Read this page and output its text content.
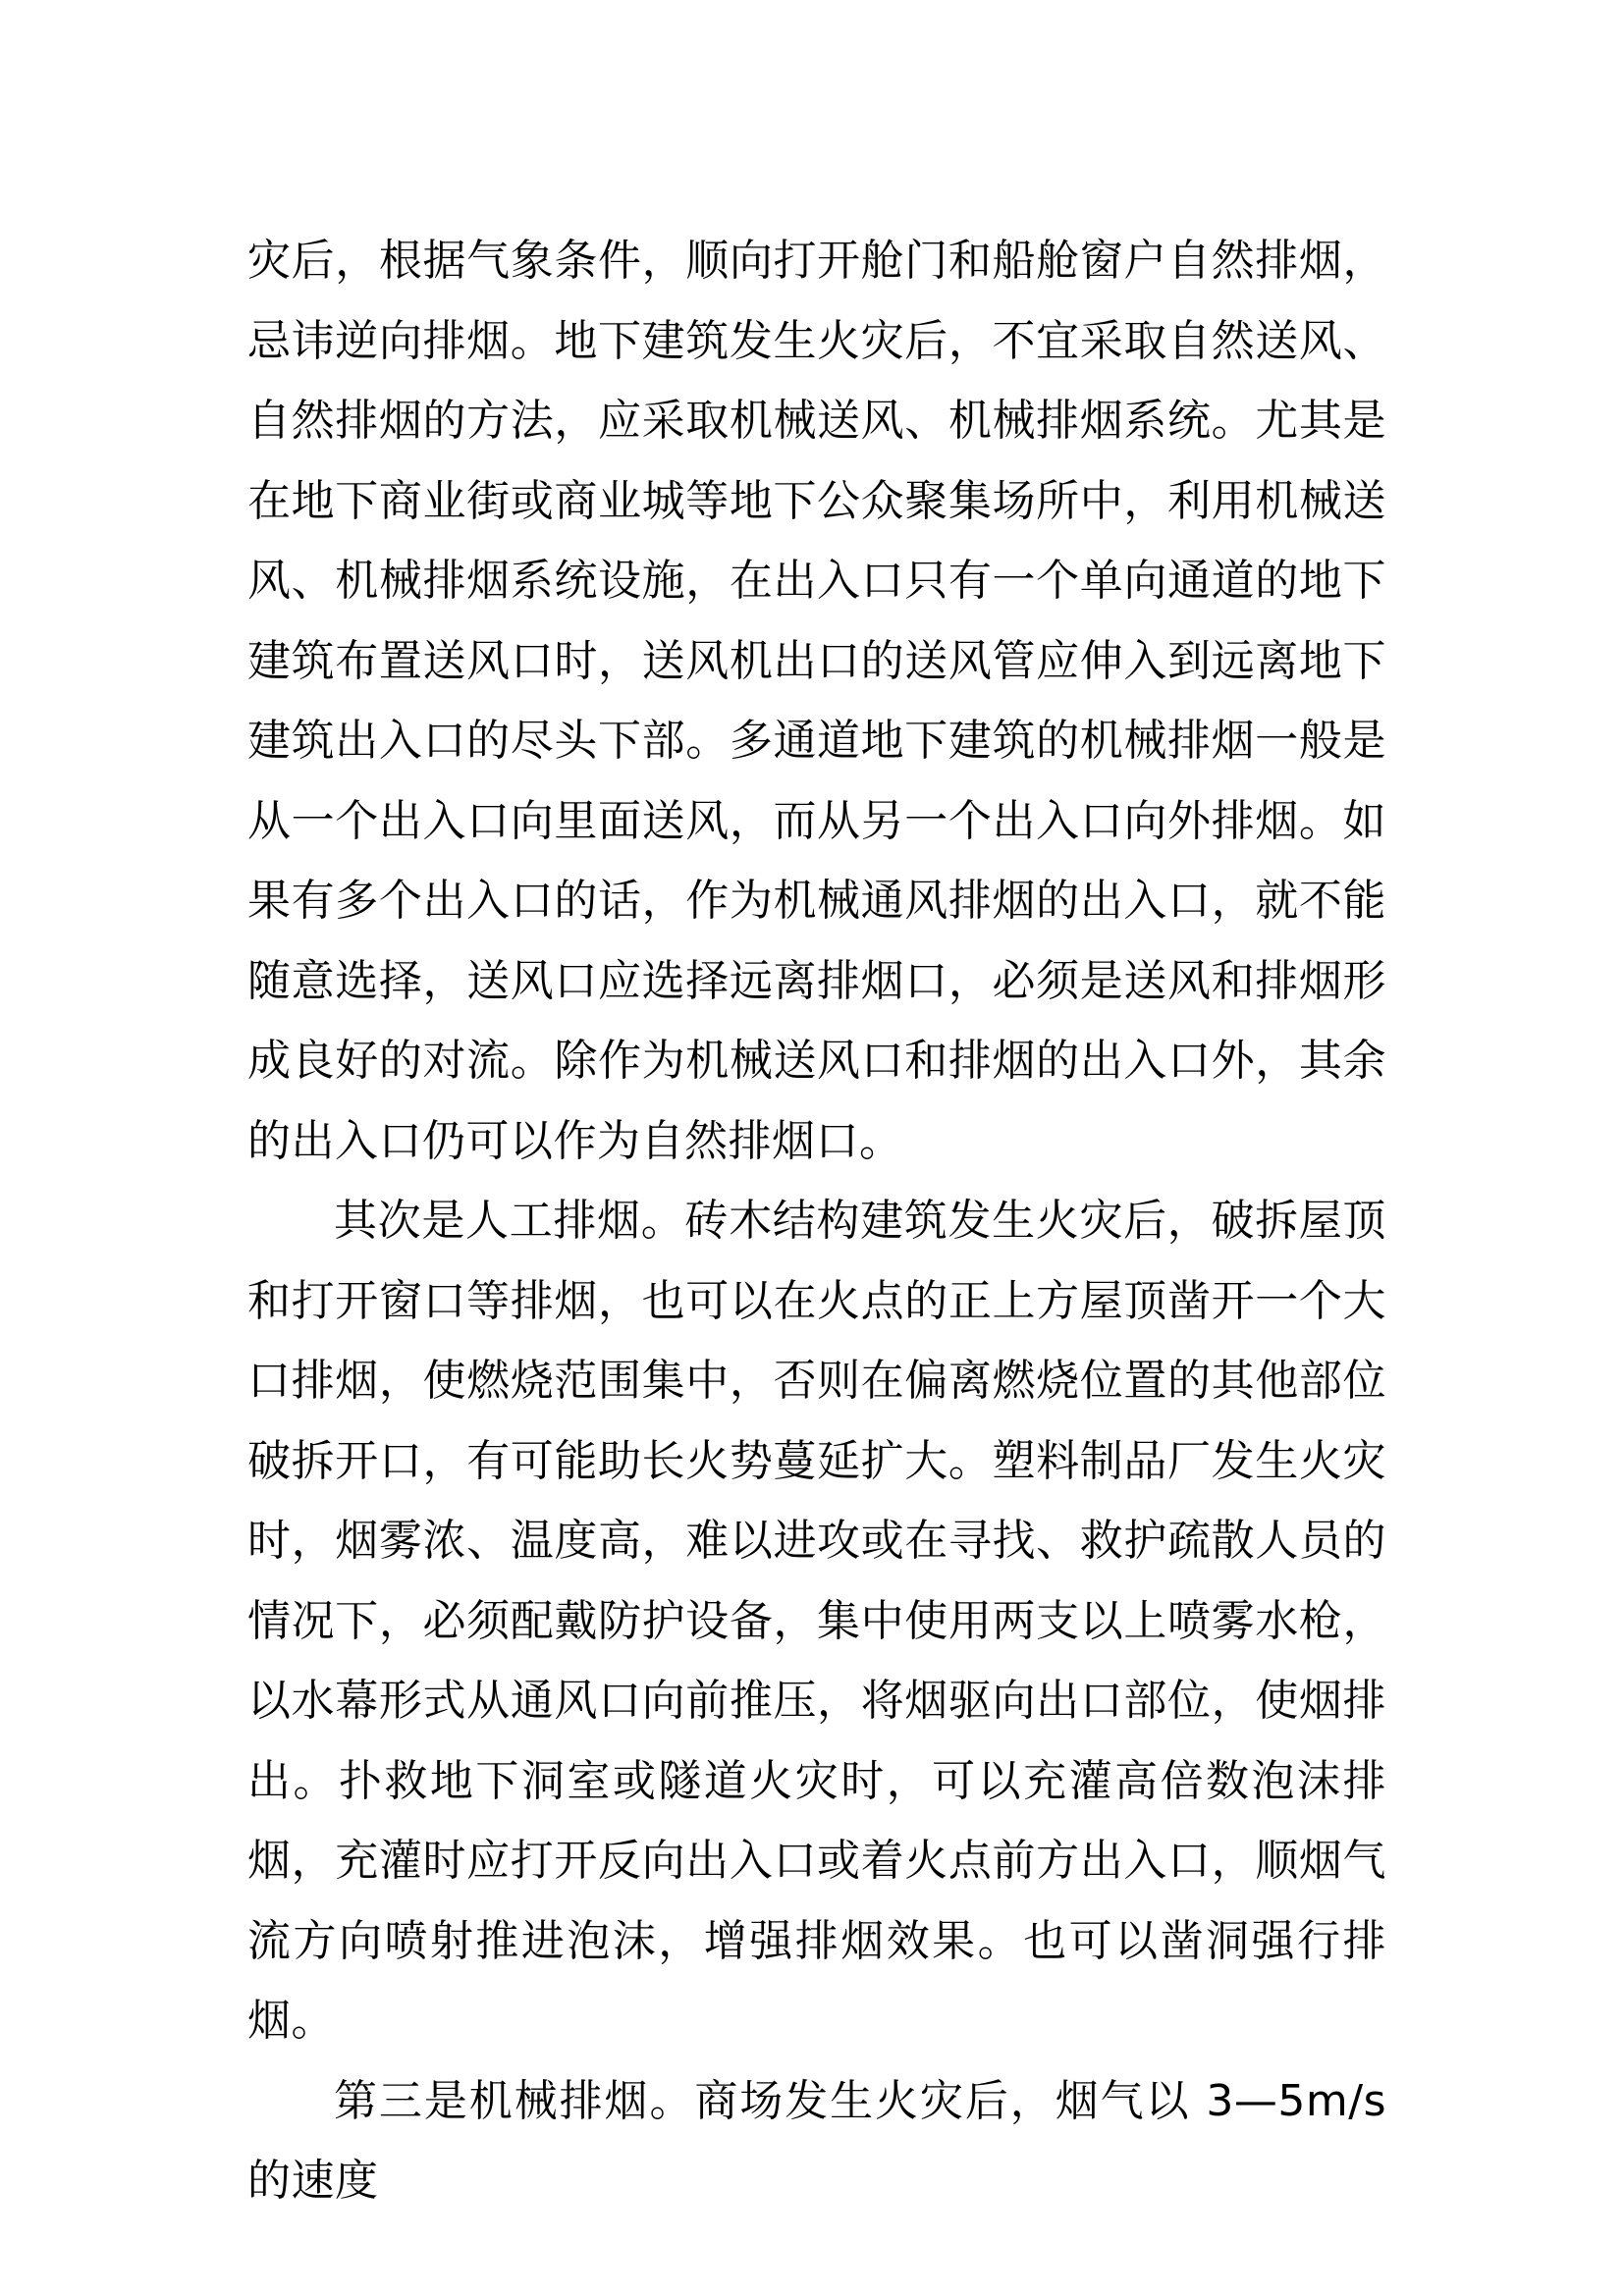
灾后，根据气象条件，顺向打开舱门和船舱窗户自然排烟，忌讳逆向排烟。地下建筑发生火灾后，不宜采取自然送风、自然排烟的方法，应采取机械送风、机械排烟系统。尤其是在地下商业街或商业城等地下公众聚集场所中，利用机械送风、机械排烟系统设施，在出入口只有一个单向通道的地下建筑布置送风口时，送风机出口的送风管应伸入到远离地下建筑出入口的尽头下部。多通道地下建筑的机械排烟一般是从一个出入口向里面送风，而从另一个出入口向外排烟。如果有多个出入口的话，作为机械通风排烟的出入口，就不能随意选择，送风口应选择远离排烟口，必须是送风和排烟形成良好的对流。除作为机械送风口和排烟的出入口外，其余的出入口仍可以作为自然排烟口。

其次是人工排烟。砖木结构建筑发生火灾后，破拆屋顶和打开窗口等排烟，也可以在火点的正上方屋顶凿开一个大口排烟，使燃烧范围集中，否则在偏离燃烧位置的其他部位破拆开口，有可能助长火势蔓延扩大。塑料制品厂发生火灾时，烟雾浓、温度高，难以进攻或在寻找、救护疏散人员的情况下，必须配戴防护设备，集中使用两支以上喷雾水枪，以水幕形式从通风口向前推压，将烟驱向出口部位，使烟排出。扑救地下洞室或隧道火灾时，可以充灌高倍数泡沫排烟，充灌时应打开反向出入口或着火点前方出入口，顺烟气流方向喷射推进泡沫，增强排烟效果。也可以凿洞强行排烟。

第三是机械排烟。商场发生火灾后，烟气以 3—5m/s 的速度
